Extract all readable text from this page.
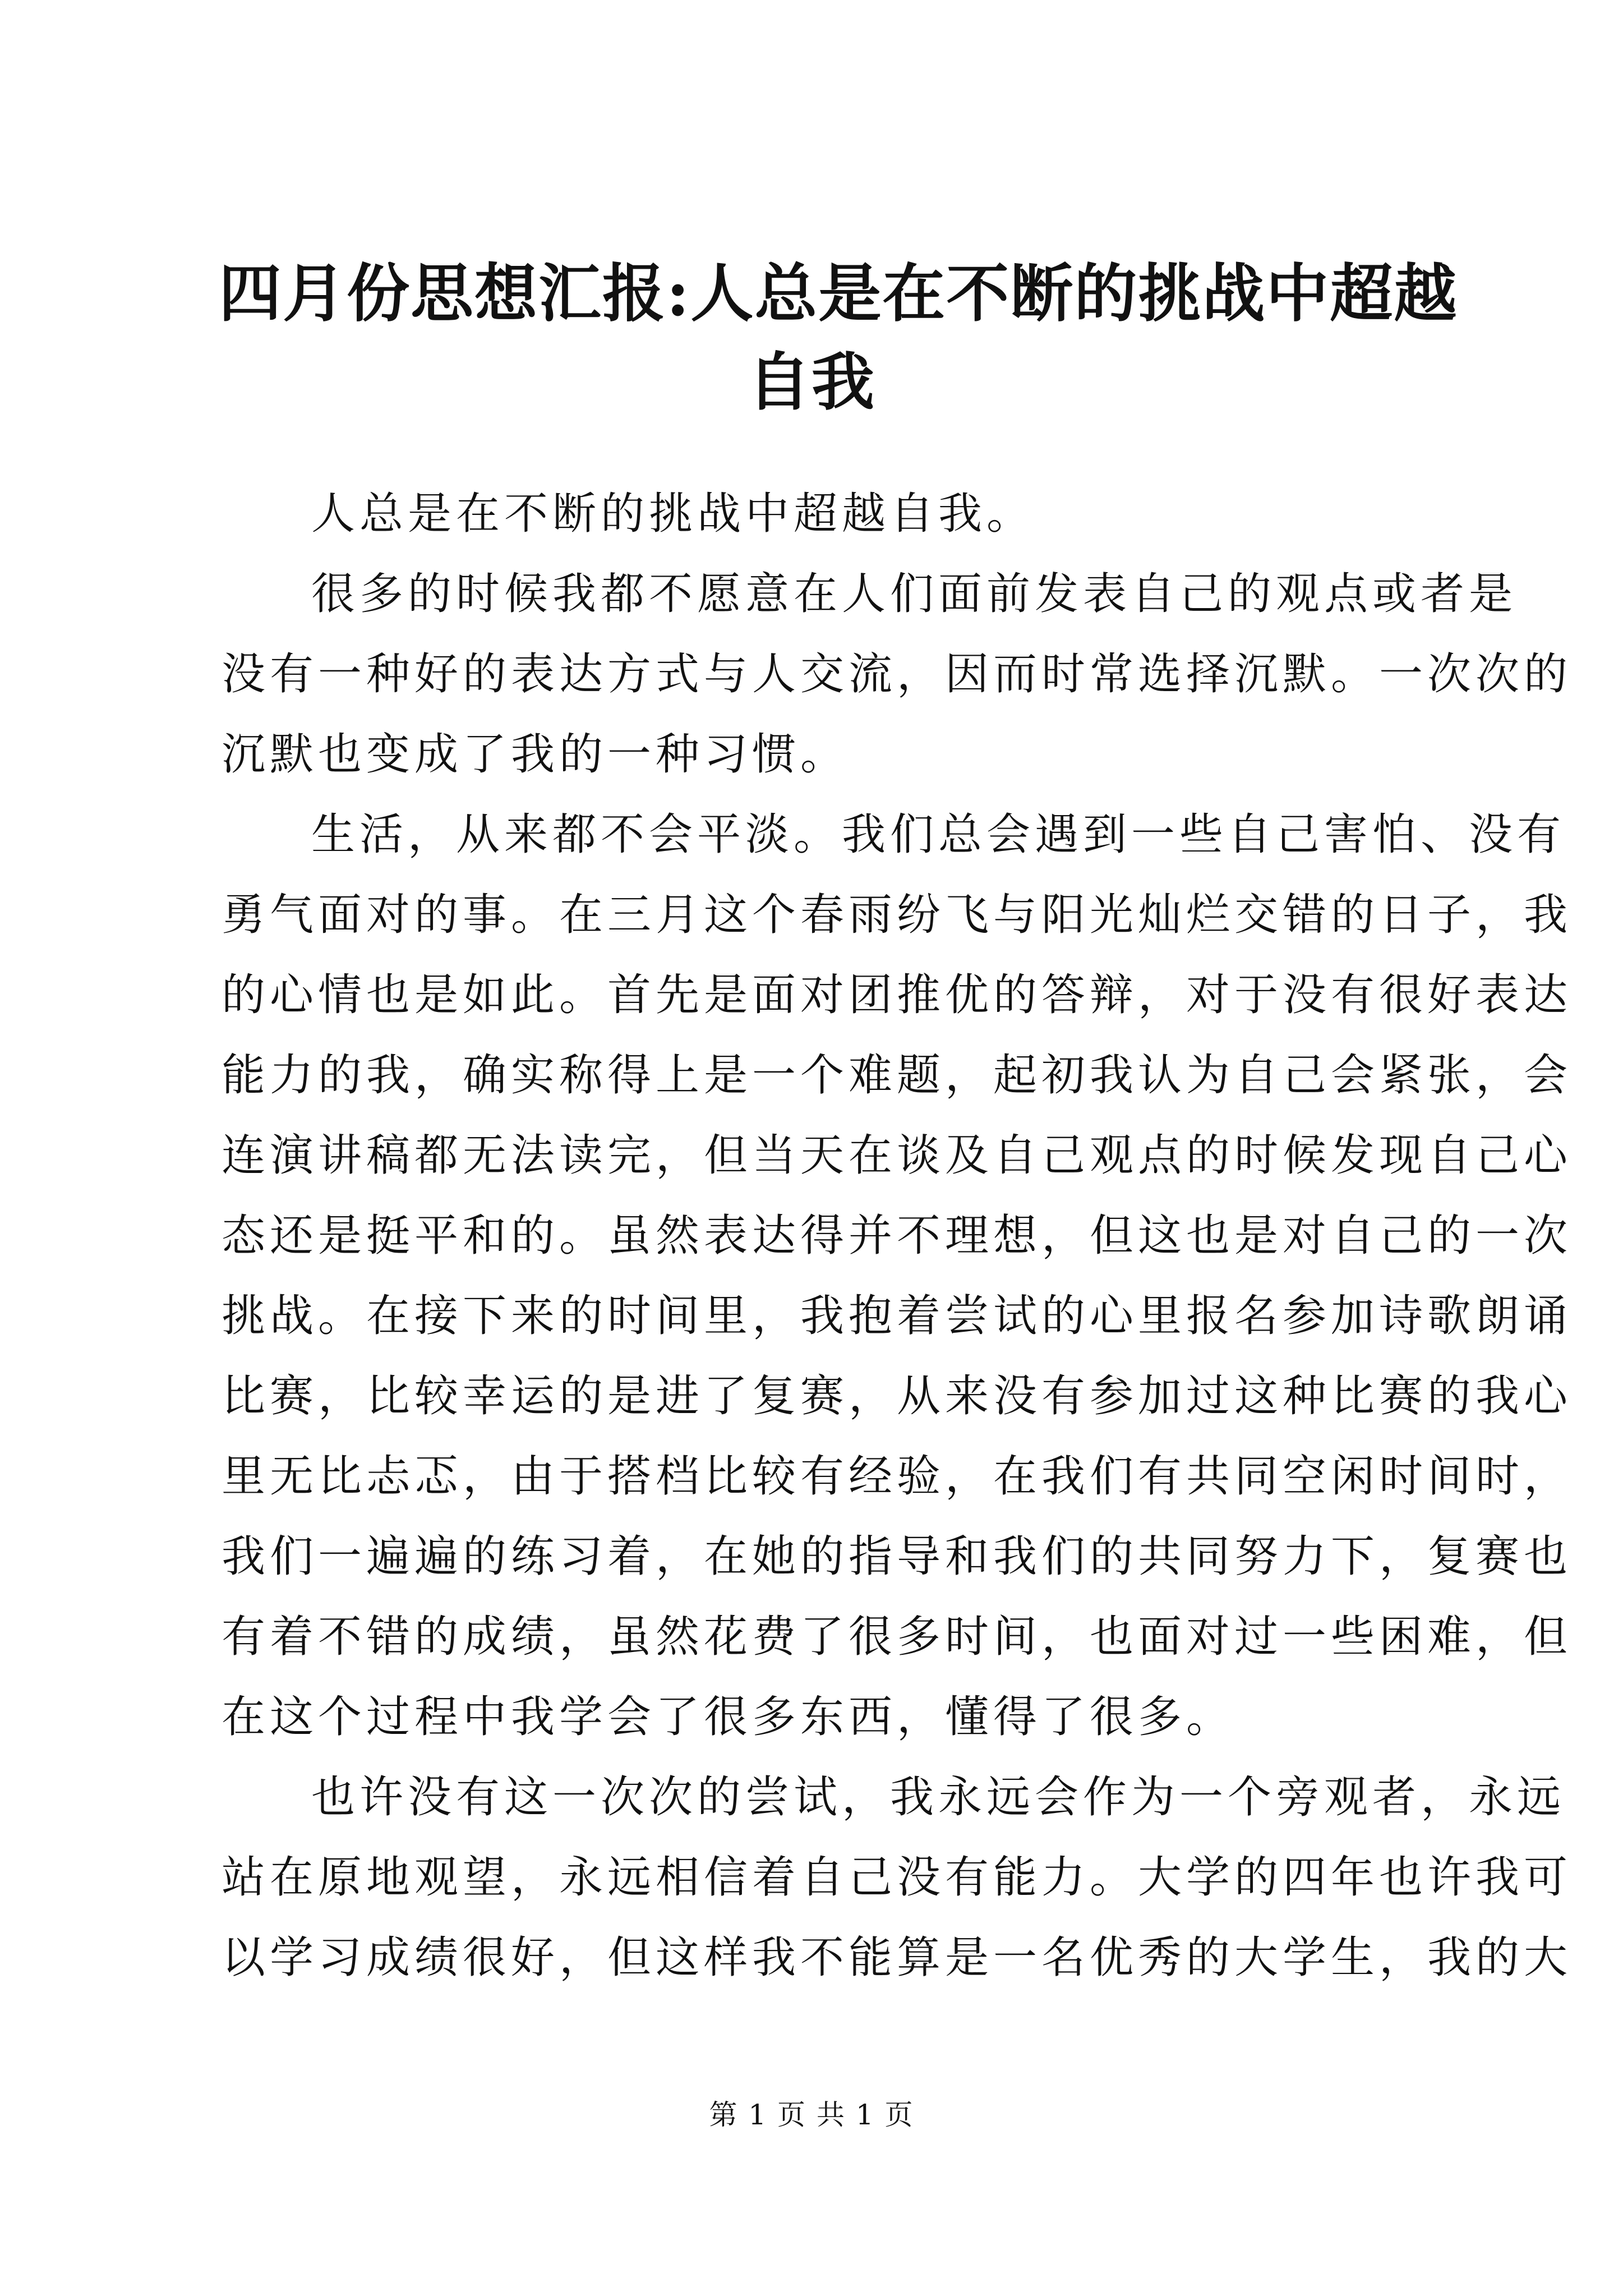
四月份思想汇报:人总是在不断的挑战中超越
自我

人总是在不断的挑战中超越自我。

很多的时候我都不愿意在人们面前发表自己的观点或者是
没有一种好的表达方式与人交流，因而时常选择沉默。一次次的
沉默也变成了我的一种习惯。

生活，从来都不会平淡。我们总会遇到一些自己害怕、没有
勇气面对的事。在三月这个春雨纷飞与阳光灿烂交错的日子，我
的心情也是如此。首先是面对团推优的答辩，对于没有很好表达
能力的我，确实称得上是一个难题，起初我认为自己会紧张，会
连演讲稿都无法读完，但当天在谈及自己观点的时候发现自己心
态还是挺平和的。虽然表达得并不理想，但这也是对自己的一次
挑战。在接下来的时间里，我抱着尝试的心里报名参加诗歌朗诵
比赛，比较幸运的是进了复赛，从来没有参加过这种比赛的我心
里无比忐忑，由于搭档比较有经验，在我们有共同空闲时间时，
我们一遍遍的练习着，在她的指导和我们的共同努力下，复赛也
有着不错的成绩，虽然花费了很多时间，也面对过一些困难，但
在这个过程中我学会了很多东西，懂得了很多。

也许没有这一次次的尝试，我永远会作为一个旁观者，永远
站在原地观望，永远相信着自己没有能力。大学的四年也许我可
以学习成绩很好，但这样我不能算是一名优秀的大学生，我的大

第 1 页 共 1 页
